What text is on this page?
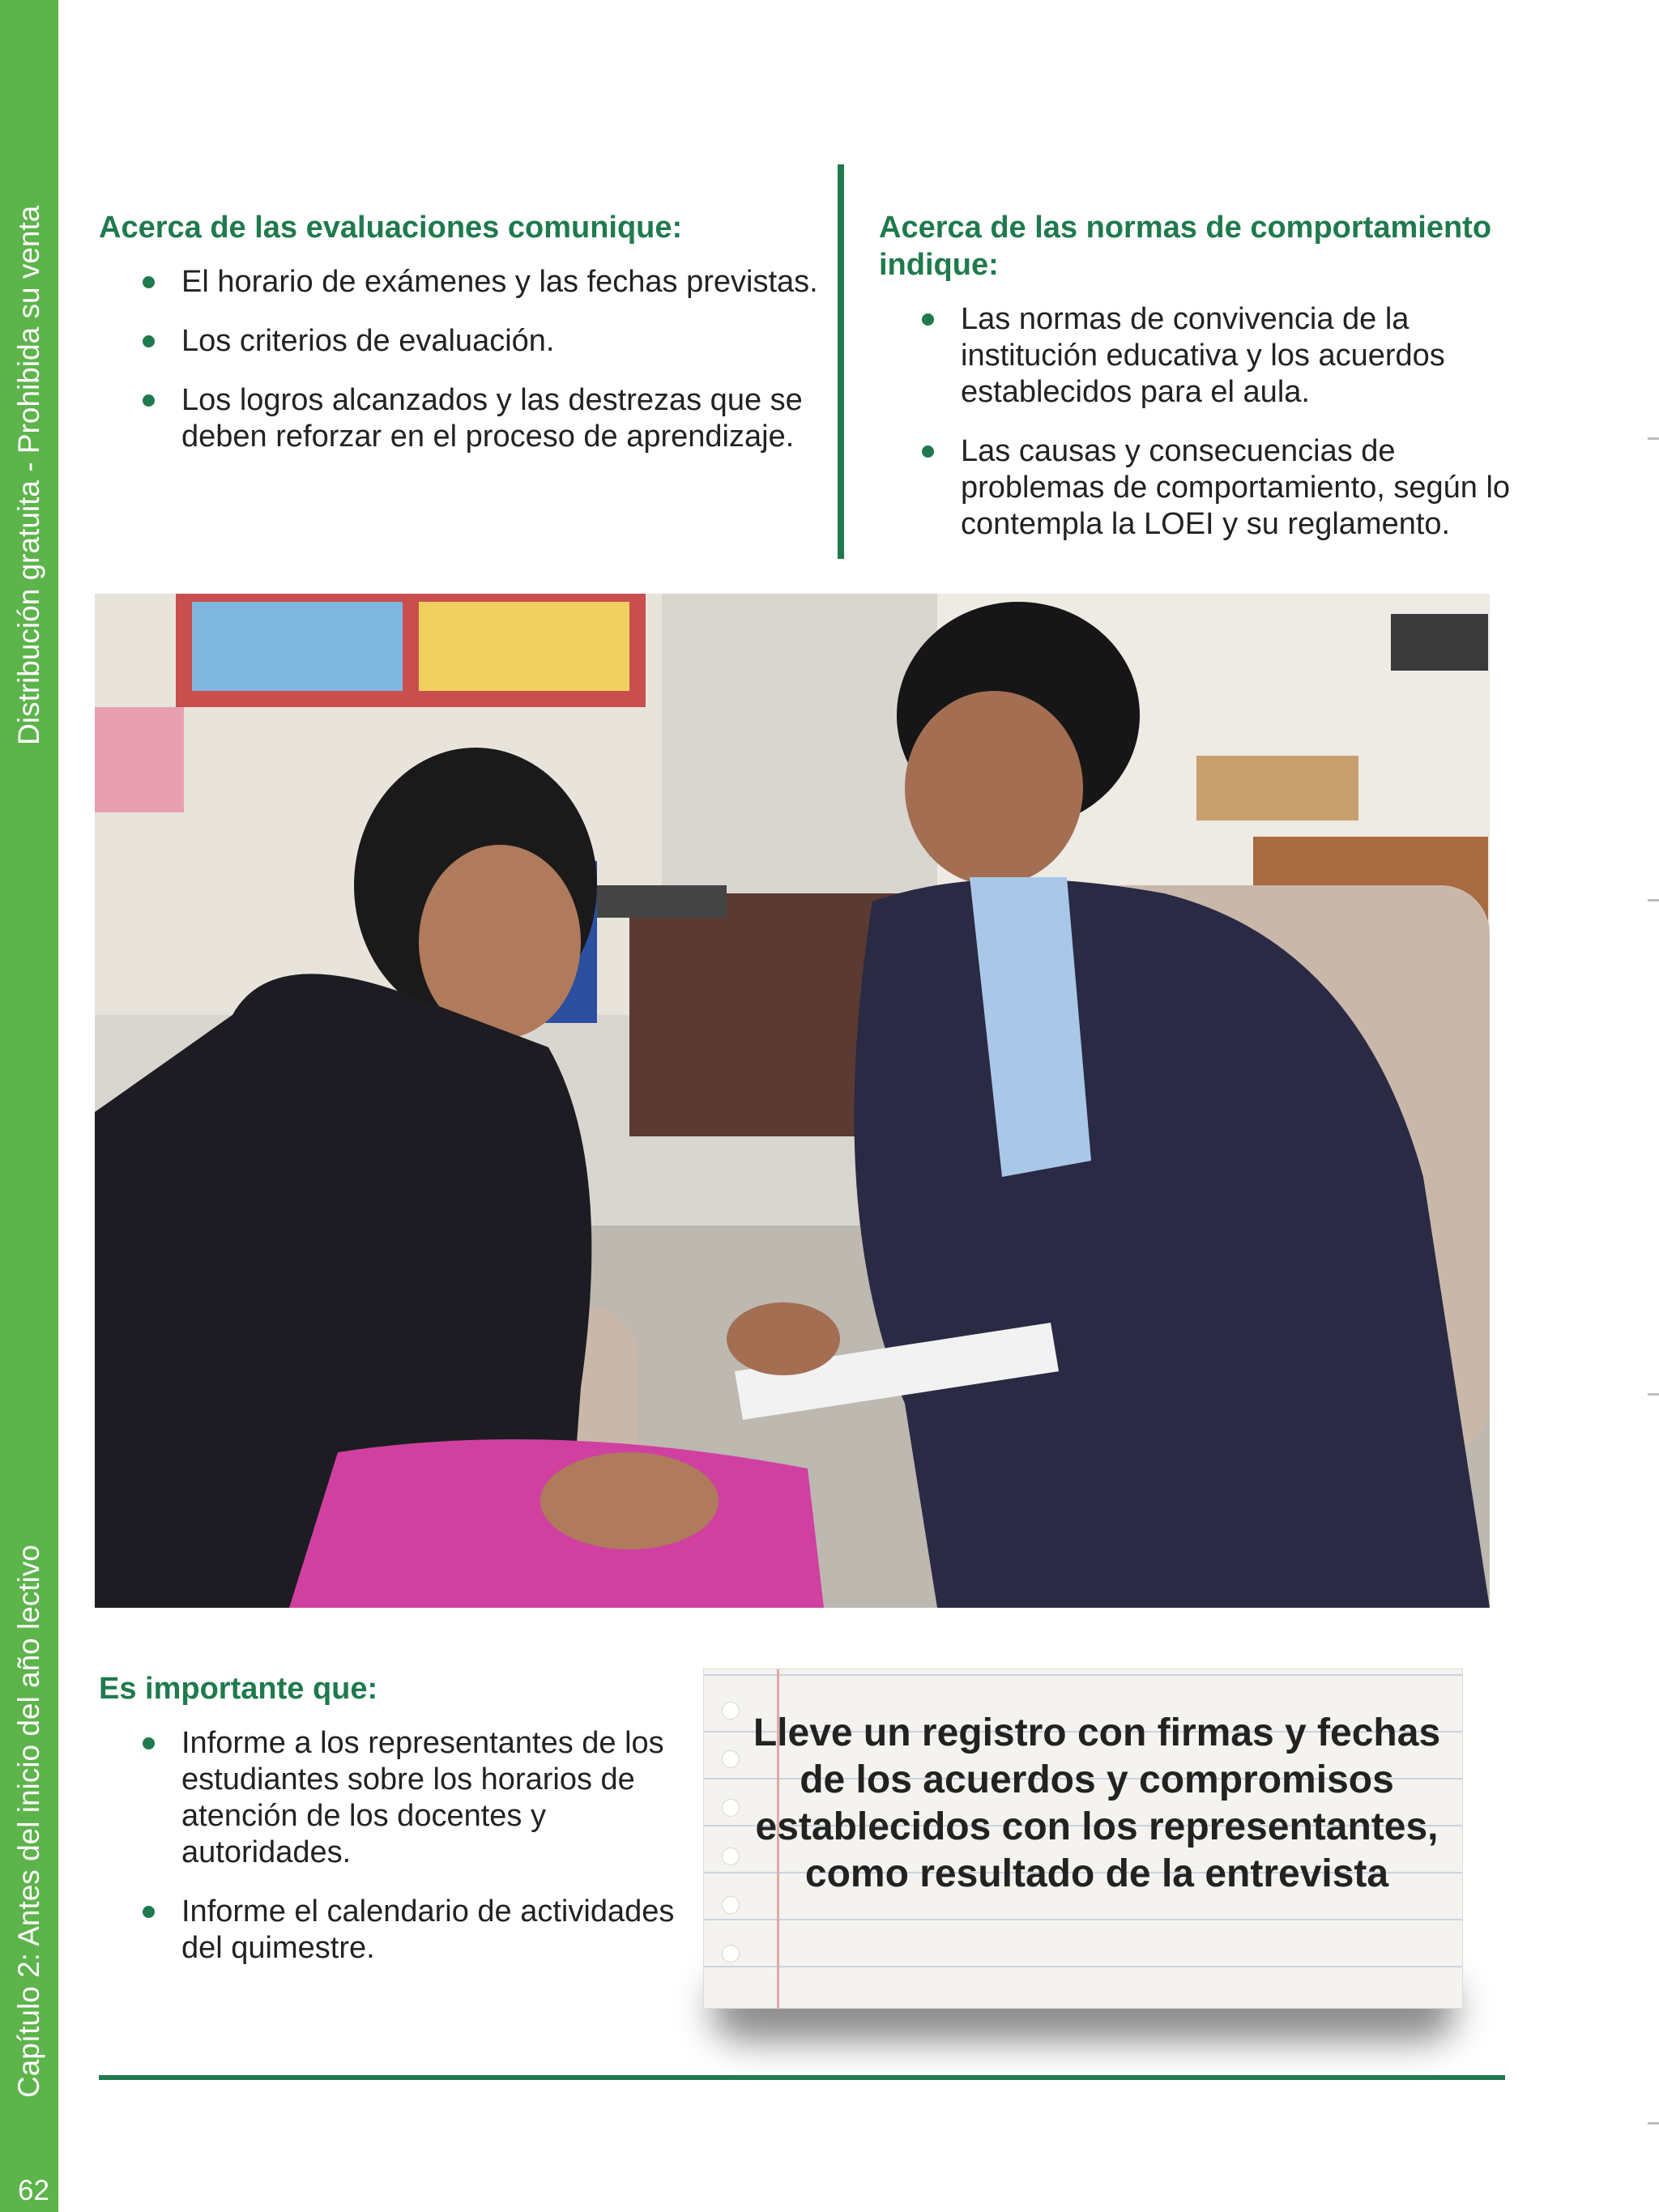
Distribución gratuita - Prohibida su venta
Capítulo 2: Antes del inicio del año lectivo
62
Acerca de las evaluaciones comunique:
El horario de exámenes y las fechas previstas.
Los criterios de evaluación.
Los logros alcanzados y las destrezas que se deben reforzar en el proceso de aprendizaje.
Acerca de las normas de comportamiento indique:
Las normas de convivencia de la institución educativa y los acuerdos establecidos para el aula.
Las causas y consecuencias de problemas de comportamiento, según lo contempla la LOEI y su reglamento.
Es importante que:
Informe a los representantes de los estudiantes sobre los horarios de atención de los docentes y autoridades.
Informe el calendario de actividades del quimestre.
Lleve un registro con firmas y fechas de los acuerdos y compromisos establecidos con los representantes, como resultado de la entrevista
